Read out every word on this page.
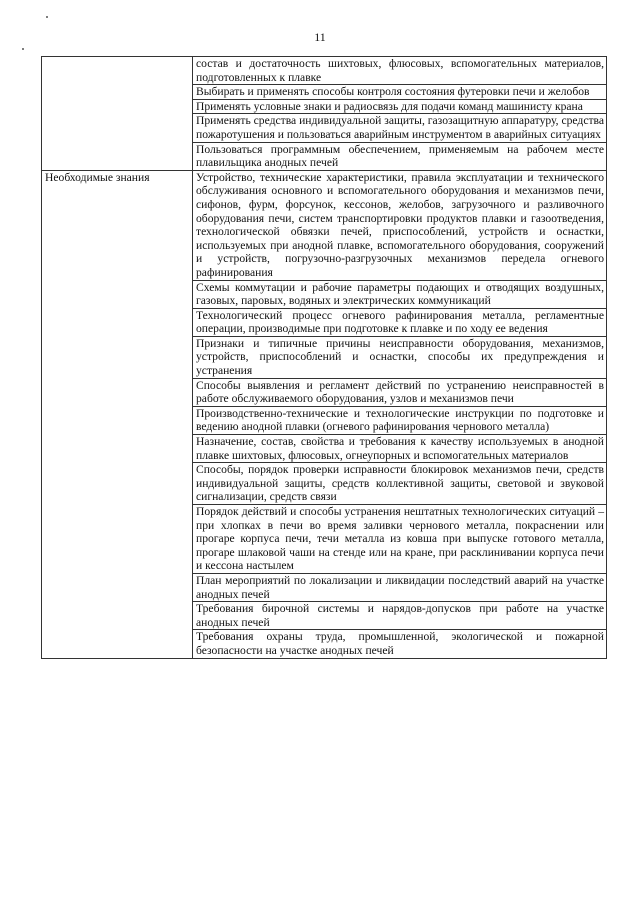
11
	состав и достаточность шихтовых, флюсовых, вспомогательных материалов, подготовленных к плавке
	Выбирать и применять способы контроля состояния футеровки печи и желобов
	Применять условные знаки и радиосвязь для подачи команд машинисту крана
	Применять средства индивидуальной защиты, газозащитную аппаратуру, средства пожаротушения и пользоваться аварийным инструментом в аварийных ситуациях
	Пользоваться программным обеспечением, применяемым на рабочем месте плавильщика анодных печей
Необходимые знания	Устройство, технические характеристики, правила эксплуатации и технического обслуживания основного и вспомогательного оборудования и механизмов печи, сифонов, фурм, форсунок, кессонов, желобов, загрузочного и разливочного оборудования печи, систем транспортировки продуктов плавки и газоотведения, технологической обвязки печей, приспособлений, устройств и оснастки, используемых при анодной плавке, вспомогательного оборудования, сооружений и устройств, погрузочно-разгрузочных механизмов передела огневого рафинирования
	Схемы коммутации и рабочие параметры подающих и отводящих воздушных, газовых, паровых, водяных и электрических коммуникаций
	Технологический процесс огневого рафинирования металла, регламентные операции, производимые при подготовке к плавке и по ходу ее ведения
	Признаки и типичные причины неисправности оборудования, механизмов, устройств, приспособлений и оснастки, способы их предупреждения и устранения
	Способы выявления и регламент действий по устранению неисправностей в работе обслуживаемого оборудования, узлов и механизмов печи
	Производственно-технические и технологические инструкции по подготовке и ведению анодной плавки (огневого рафинирования чернового металла)
	Назначение, состав, свойства и требования к качеству используемых в анодной плавке шихтовых, флюсовых, огнеупорных и вспомогательных материалов
	Способы, порядок проверки исправности блокировок механизмов печи, средств индивидуальной защиты, средств коллективной защиты, световой и звуковой сигнализации, средств связи
	Порядок действий и способы устранения нештатных технологических ситуаций – при хлопках в печи во время заливки чернового металла, покраснении или прогаре корпуса печи, течи металла из ковша при выпуске готового металла, прогаре шлаковой чаши на стенде или на кране, при расклинивании корпуса печи и кессона настылем
	План мероприятий по локализации и ликвидации последствий аварий на участке анодных печей
	Требования бирочной системы и нарядов-допусков при работе на участке анодных печей
	Требования охраны труда, промышленной, экологической и пожарной безопасности на участке анодных печей
